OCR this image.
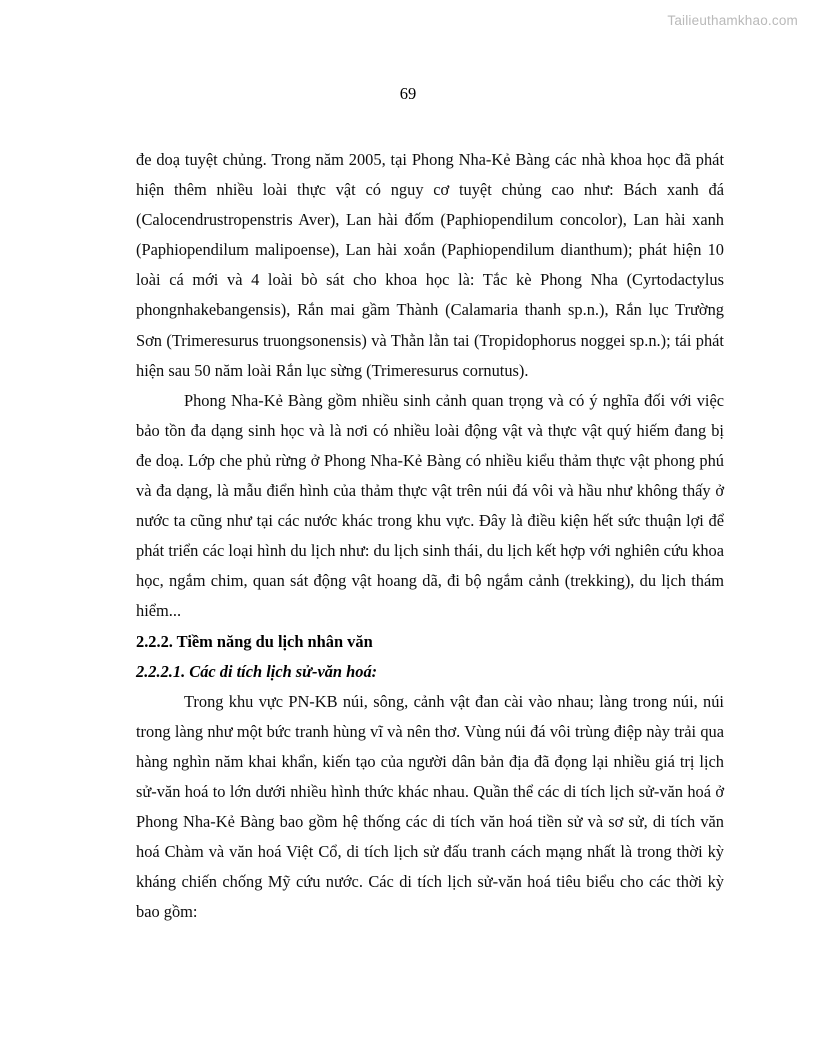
Tailieuthamkhao.com
69

đe doạ tuyệt chủng. Trong năm 2005, tại Phong Nha-Kẻ Bàng các nhà khoa học đã phát hiện thêm nhiều loài thực vật có nguy cơ tuyệt chủng cao như: Bách xanh đá (Calocendrustropenstris Aver), Lan hài đốm (Paphiopendilum concolor), Lan hài xanh (Paphiopendilum malipoense), Lan hài xoắn (Paphiopendilum dianthum); phát hiện 10 loài cá mới và 4 loài bò sát cho khoa học là: Tắc kè Phong Nha (Cyrtodactylus phongnhakebangensis), Rắn mai gầm Thành (Calamaria thanh sp.n.), Rắn lục Trường Sơn (Trimeresurus truongsonensis) và Thằn lằn tai (Tropidophorus noggei sp.n.); tái phát hiện sau 50 năm loài Rắn lục sừng (Trimeresurus cornutus).

Phong Nha-Kẻ Bàng gồm nhiều sinh cảnh quan trọng và có ý nghĩa đối với việc bảo tồn đa dạng sinh học và là nơi có nhiều loài động vật và thực vật quý hiếm đang bị đe doạ. Lớp che phủ rừng ở Phong Nha-Kẻ Bàng có nhiều kiểu thảm thực vật phong phú và đa dạng, là mẫu điển hình của thảm thực vật trên núi đá vôi và hầu như không thấy ở nước ta cũng như tại các nước khác trong khu vực. Đây là điều kiện hết sức thuận lợi để phát triển các loại hình du lịch như: du lịch sinh thái, du lịch kết hợp với nghiên cứu khoa học, ngắm chim, quan sát động vật hoang dã, đi bộ ngắm cảnh (trekking), du lịch thám hiểm...

2.2.2. Tiềm năng du lịch nhân văn
2.2.2.1. Các di tích lịch sử-văn hoá:

Trong khu vực PN-KB núi, sông, cảnh vật đan cài vào nhau; làng trong núi, núi trong làng như một bức tranh hùng vĩ và nên thơ. Vùng núi đá vôi trùng điệp này trải qua hàng nghìn năm khai khẩn, kiến tạo của người dân bản địa đã đọng lại nhiều giá trị lịch sử-văn hoá to lớn dưới nhiều hình thức khác nhau. Quần thể các di tích lịch sử-văn hoá ở Phong Nha-Kẻ Bàng bao gồm hệ thống các di tích văn hoá tiền sử và sơ sử, di tích văn hoá Chàm và văn hoá Việt Cổ, di tích lịch sử đấu tranh cách mạng nhất là trong thời kỳ kháng chiến chống Mỹ cứu nước. Các di tích lịch sử-văn hoá tiêu biểu cho các thời kỳ bao gồm:
